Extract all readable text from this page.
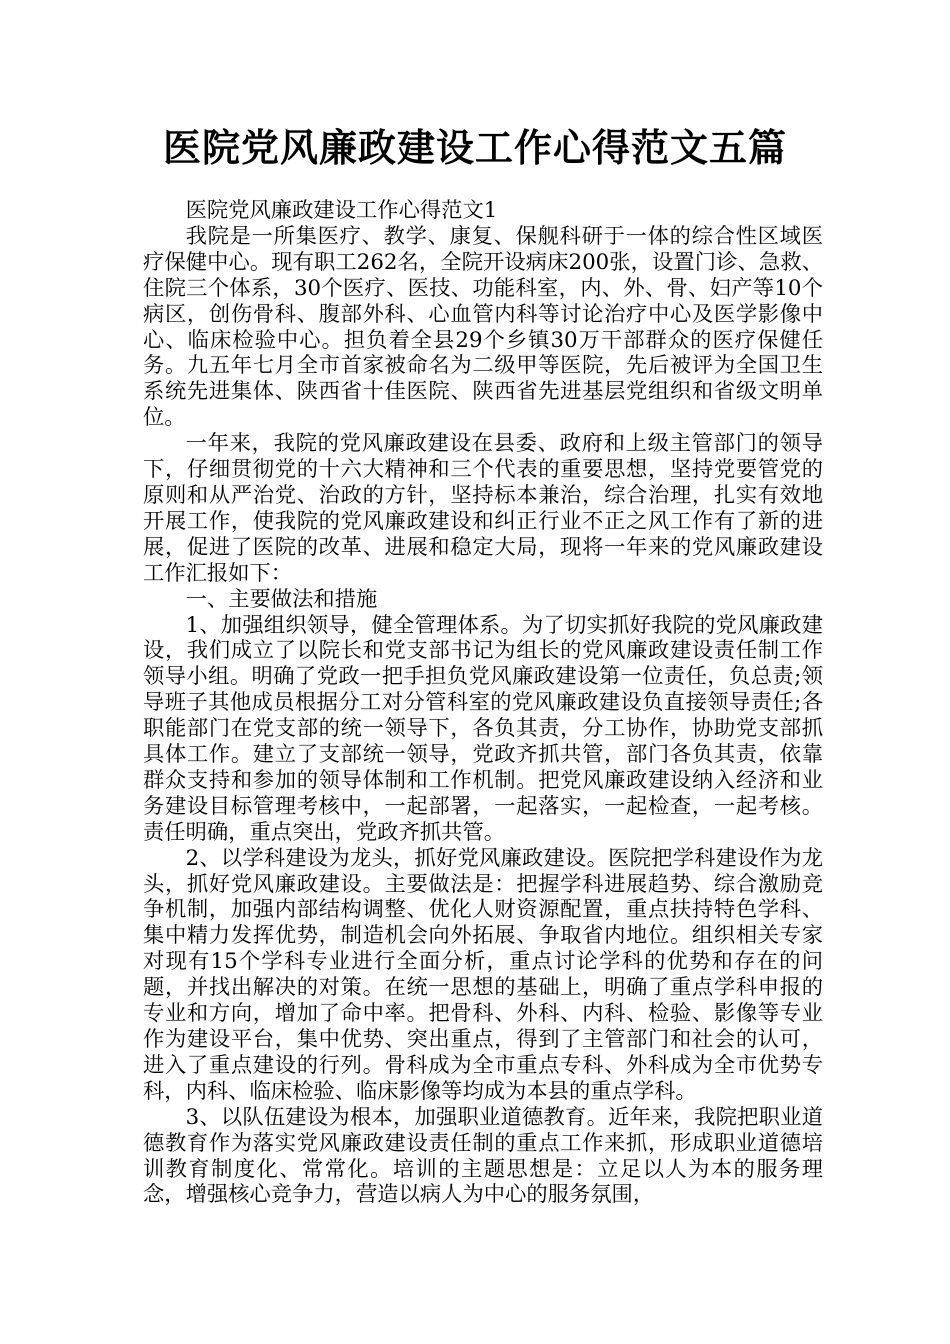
医院党风廉政建设工作心得范文五篇

医院党风廉政建设工作心得范文1

我院是一所集医疗、教学、康复、保舰科研于一体的综合性区域医疗保健中心。现有职工262名，全院开设病床200张，设置门诊、急救、住院三个体系，30个医疗、医技、功能科室，内、外、骨、妇产等10个病区，创伤骨科、腹部外科、心血管内科等讨论治疗中心及医学影像中心、临床检验中心。担负着全县29个乡镇30万干部群众的医疗保健任务。九五年七月全市首家被命名为二级甲等医院，先后被评为全国卫生系统先进集体、陕西省十佳医院、陕西省先进基层党组织和省级文明单位。

一年来，我院的党风廉政建设在县委、政府和上级主管部门的领导下，仔细贯彻党的十六大精神和三个代表的重要思想，坚持党要管党的原则和从严治党、治政的方针，坚持标本兼治，综合治理，扎实有效地开展工作，使我院的党风廉政建设和纠正行业不正之风工作有了新的进展，促进了医院的改革、进展和稳定大局，现将一年来的党风廉政建设工作汇报如下：

一、主要做法和措施

1、加强组织领导，健全管理体系。为了切实抓好我院的党风廉政建设，我们成立了以院长和党支部书记为组长的党风廉政建设责任制工作领导小组。明确了党政一把手担负党风廉政建设第一位责任，负总责;领导班子其他成员根据分工对分管科室的党风廉政建设负直接领导责任;各职能部门在党支部的统一领导下，各负其责，分工协作，协助党支部抓具体工作。建立了支部统一领导，党政齐抓共管，部门各负其责，依靠群众支持和参加的领导体制和工作机制。把党风廉政建设纳入经济和业务建设目标管理考核中，一起部署，一起落实，一起检查，一起考核。责任明确，重点突出，党政齐抓共管。

2、以学科建设为龙头，抓好党风廉政建设。医院把学科建设作为龙头，抓好党风廉政建设。主要做法是：把握学科进展趋势、综合激励竞争机制，加强内部结构调整、优化人财资源配置，重点扶持特色学科、集中精力发挥优势，制造机会向外拓展、争取省内地位。组织相关专家对现有15个学科专业进行全面分析，重点讨论学科的优势和存在的问题，并找出解决的对策。在统一思想的基础上，明确了重点学科申报的专业和方向，增加了命中率。把骨科、外科、内科、检验、影像等专业作为建设平台，集中优势、突出重点，得到了主管部门和社会的认可，进入了重点建设的行列。骨科成为全市重点专科、外科成为全市优势专科，内科、临床检验、临床影像等均成为本县的重点学科。

3、以队伍建设为根本，加强职业道德教育。近年来，我院把职业道德教育作为落实党风廉政建设责任制的重点工作来抓，形成职业道德培训教育制度化、常常化。培训的主题思想是：立足以人为本的服务理念，增强核心竞争力，营造以病人为中心的服务氛围，
